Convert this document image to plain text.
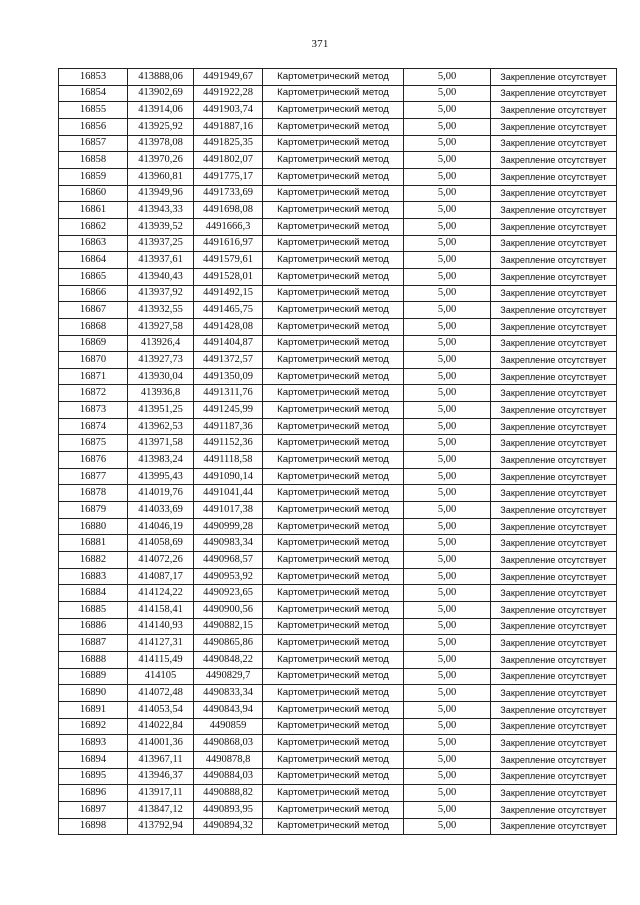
371
16853	413888,06	4491949,67	Картометрический метод	5,00	Закрепление отсутствует
16854	413902,69	4491922,28	Картометрический метод	5,00	Закрепление отсутствует
16855	413914,06	4491903,74	Картометрический метод	5,00	Закрепление отсутствует
16856	413925,92	4491887,16	Картометрический метод	5,00	Закрепление отсутствует
16857	413978,08	4491825,35	Картометрический метод	5,00	Закрепление отсутствует
16858	413970,26	4491802,07	Картометрический метод	5,00	Закрепление отсутствует
16859	413960,81	4491775,17	Картометрический метод	5,00	Закрепление отсутствует
16860	413949,96	4491733,69	Картометрический метод	5,00	Закрепление отсутствует
16861	413943,33	4491698,08	Картометрический метод	5,00	Закрепление отсутствует
16862	413939,52	4491666,3	Картометрический метод	5,00	Закрепление отсутствует
16863	413937,25	4491616,97	Картометрический метод	5,00	Закрепление отсутствует
16864	413937,61	4491579,61	Картометрический метод	5,00	Закрепление отсутствует
16865	413940,43	4491528,01	Картометрический метод	5,00	Закрепление отсутствует
16866	413937,92	4491492,15	Картометрический метод	5,00	Закрепление отсутствует
16867	413932,55	4491465,75	Картометрический метод	5,00	Закрепление отсутствует
16868	413927,58	4491428,08	Картометрический метод	5,00	Закрепление отсутствует
16869	413926,4	4491404,87	Картометрический метод	5,00	Закрепление отсутствует
16870	413927,73	4491372,57	Картометрический метод	5,00	Закрепление отсутствует
16871	413930,04	4491350,09	Картометрический метод	5,00	Закрепление отсутствует
16872	413936,8	4491311,76	Картометрический метод	5,00	Закрепление отсутствует
16873	413951,25	4491245,99	Картометрический метод	5,00	Закрепление отсутствует
16874	413962,53	4491187,36	Картометрический метод	5,00	Закрепление отсутствует
16875	413971,58	4491152,36	Картометрический метод	5,00	Закрепление отсутствует
16876	413983,24	4491118,58	Картометрический метод	5,00	Закрепление отсутствует
16877	413995,43	4491090,14	Картометрический метод	5,00	Закрепление отсутствует
16878	414019,76	4491041,44	Картометрический метод	5,00	Закрепление отсутствует
16879	414033,69	4491017,38	Картометрический метод	5,00	Закрепление отсутствует
16880	414046,19	4490999,28	Картометрический метод	5,00	Закрепление отсутствует
16881	414058,69	4490983,34	Картометрический метод	5,00	Закрепление отсутствует
16882	414072,26	4490968,57	Картометрический метод	5,00	Закрепление отсутствует
16883	414087,17	4490953,92	Картометрический метод	5,00	Закрепление отсутствует
16884	414124,22	4490923,65	Картометрический метод	5,00	Закрепление отсутствует
16885	414158,41	4490900,56	Картометрический метод	5,00	Закрепление отсутствует
16886	414140,93	4490882,15	Картометрический метод	5,00	Закрепление отсутствует
16887	414127,31	4490865,86	Картометрический метод	5,00	Закрепление отсутствует
16888	414115,49	4490848,22	Картометрический метод	5,00	Закрепление отсутствует
16889	414105	4490829,7	Картометрический метод	5,00	Закрепление отсутствует
16890	414072,48	4490833,34	Картометрический метод	5,00	Закрепление отсутствует
16891	414053,54	4490843,94	Картометрический метод	5,00	Закрепление отсутствует
16892	414022,84	4490859	Картометрический метод	5,00	Закрепление отсутствует
16893	414001,36	4490868,03	Картометрический метод	5,00	Закрепление отсутствует
16894	413967,11	4490878,8	Картометрический метод	5,00	Закрепление отсутствует
16895	413946,37	4490884,03	Картометрический метод	5,00	Закрепление отсутствует
16896	413917,11	4490888,82	Картометрический метод	5,00	Закрепление отсутствует
16897	413847,12	4490893,95	Картометрический метод	5,00	Закрепление отсутствует
16898	413792,94	4490894,32	Картометрический метод	5,00	Закрепление отсутствует
